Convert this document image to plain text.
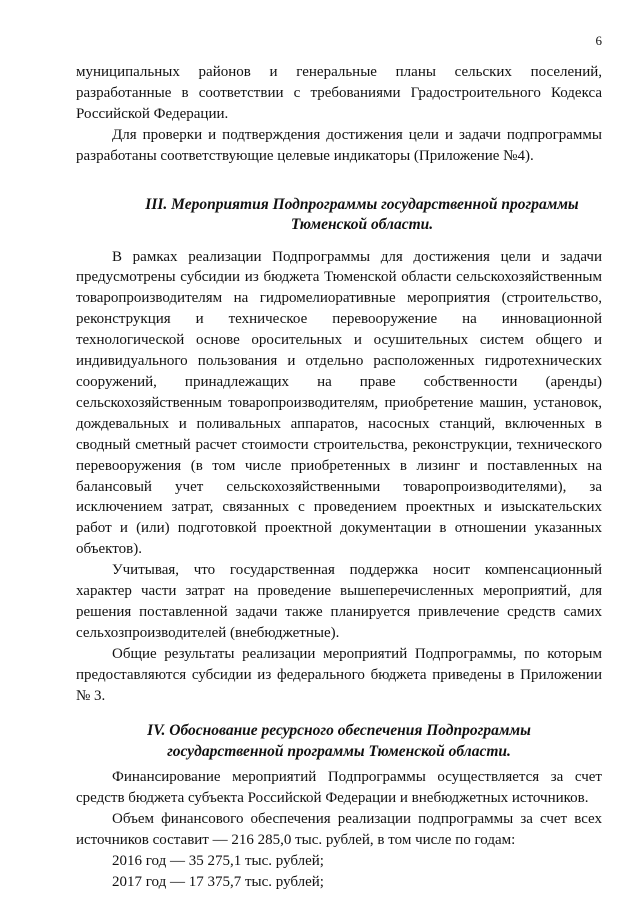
6

муниципальных районов и генеральные планы сельских поселений, разработанные в соответствии с требованиями Градостроительного Кодекса Российской Федерации.

Для проверки и подтверждения достижения цели и задачи подпрограммы разработаны соответствующие целевые индикаторы (Приложение №4).

III. Мероприятия Подпрограммы государственной программы
Тюменской области.

В рамках реализации Подпрограммы для достижения цели и задачи предусмотрены субсидии из бюджета Тюменской области сельскохозяйственным товаропроизводителям на гидромелиоративные мероприятия (строительство, реконструкция и техническое перевооружение на инновационной технологической основе оросительных и осушительных систем общего и индивидуального пользования и отдельно расположенных гидротехнических сооружений, принадлежащих на праве собственности (аренды) сельскохозяйственным товаропроизводителям, приобретение машин, установок, дождевальных и поливальных аппаратов, насосных станций, включенных в сводный сметный расчет стоимости строительства, реконструкции, технического перевооружения (в том числе приобретенных в лизинг и поставленных на балансовый учет сельскохозяйственными товаропроизводителями), за исключением затрат, связанных с проведением проектных и изыскательских работ и (или) подготовкой проектной документации в отношении указанных объектов).

Учитывая, что государственная поддержка носит компенсационный характер части затрат на проведение вышеперечисленных мероприятий, для решения поставленной задачи также планируется привлечение средств самих сельхозпроизводителей (внебюджетные).

Общие результаты реализации мероприятий Подпрограммы, по которым предоставляются субсидии из федерального бюджета приведены в Приложении № 3.

IV. Обоснование ресурсного обеспечения Подпрограммы
государственной программы Тюменской области.

Финансирование мероприятий Подпрограммы осуществляется за счет средств бюджета субъекта Российской Федерации и внебюджетных источников.

Объем финансового обеспечения реализации подпрограммы за счет всех источников составит — 216 285,0 тыс. рублей, в том числе по годам:

2016 год — 35 275,1 тыс. рублей;

2017 год — 17 375,7 тыс. рублей;
